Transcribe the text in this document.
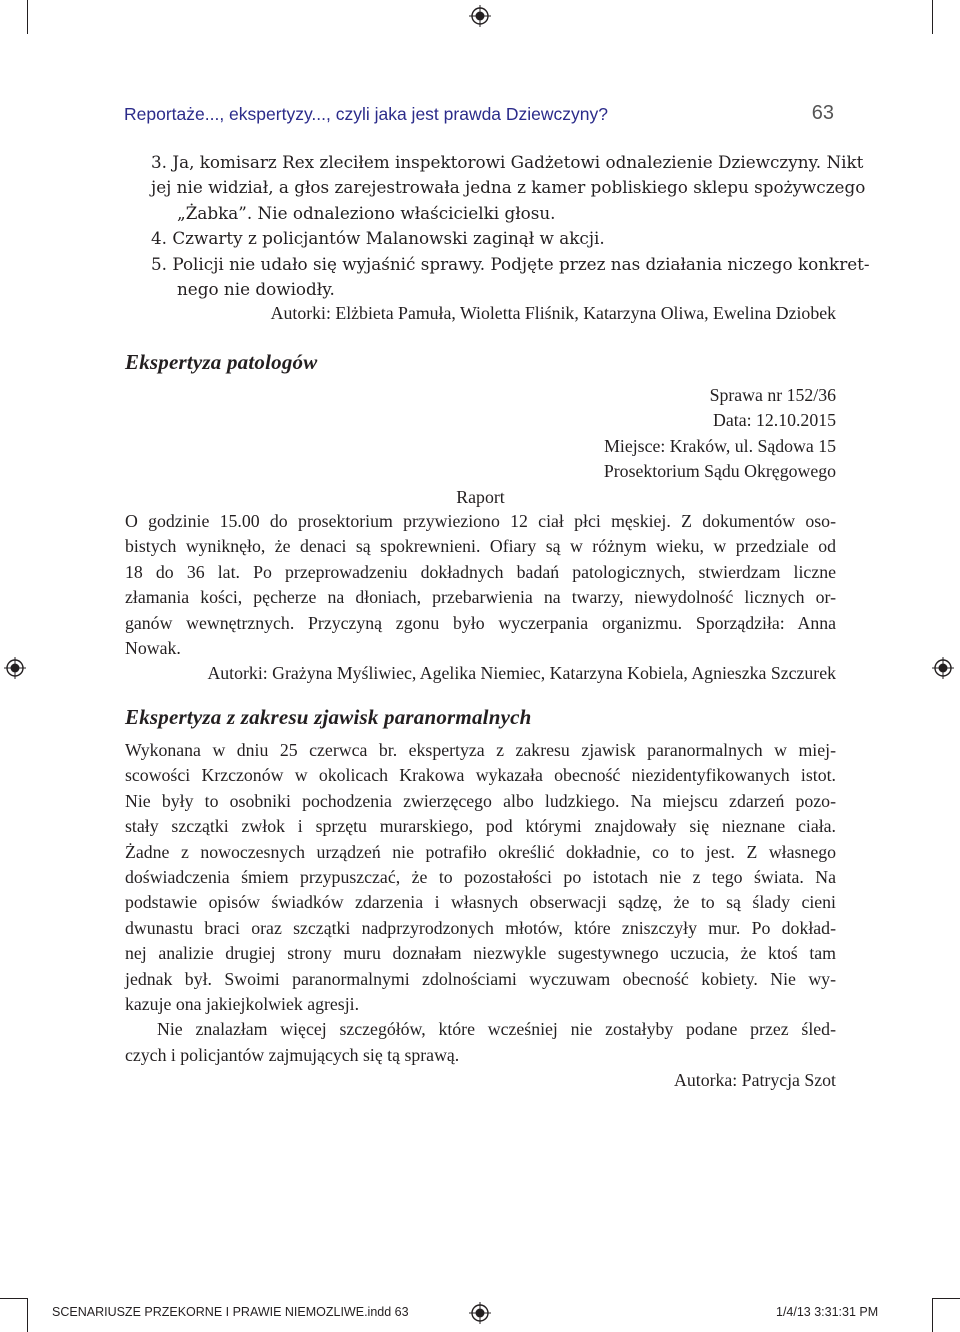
Reportaże..., ekspertyzy..., czyli jaka jest prawda Dziewczyny?	63
3. Ja, komisarz Rex zleciłem inspektorowi Gadżetowi odnalezienie Dziewczyny. Nikt
jej nie widział, a głos zarejestrowała jedna z kamer pobliskiego sklepu spożywczego
„Żabka”. Nie odnaleziono właścicielki głosu.
4. Czwarty z policjantów Malanowski zaginął w akcji.
5. Policji nie udało się wyjaśnić sprawy. Podjęte przez nas działania niczego konkret-
nego nie dowiodły.
Autorki: Elżbieta Pamuła, Wioletta Fliśnik, Katarzyna Oliwa, Ewelina Dziobek
Ekspertyza patologów
Sprawa nr 152/36
Data: 12.10.2015
Miejsce: Kraków, ul. Sądowa 15
Prosektorium Sądu Okręgowego
Raport
O godzinie 15.00 do prosektorium przywieziono 12 ciał płci męskiej. Z dokumentów oso-
bistych wyniknęło, że denaci są spokrewnieni. Ofiary są w różnym wieku, w przedziale od
18 do 36 lat. Po przeprowadzeniu dokładnych badań patologicznych, stwierdzam liczne
złamania kości, pęcherze na dłoniach, przebarwienia na twarzy, niewydolność licznych or-
ganów wewnętrznych. Przyczyną zgonu było wyczerpania organizmu. Sporządziła: Anna
Nowak.
Autorki: Grażyna Myśliwiec, Agelika Niemiec, Katarzyna Kobiela, Agnieszka Szczurek
Ekspertyza z zakresu zjawisk paranormalnych
Wykonana w dniu 25 czerwca br. ekspertyza z zakresu zjawisk paranormalnych w miej-
scowości Krzczonów w okolicach Krakowa wykazała obecność niezidentyfikowanych istot.
Nie były to osobniki pochodzenia zwierzęcego albo ludzkiego. Na miejscu zdarzeń pozo-
stały szczątki zwłok i sprzętu murarskiego, pod którymi znajdowały się nieznane ciała.
Żadne z nowoczesnych urządzeń nie potrafiło określić dokładnie, co to jest. Z własnego
doświadczenia śmiem przypuszczać, że to pozostałości po istotach nie z tego świata. Na
podstawie opisów świadków zdarzenia i własnych obserwacji sądzę, że to są ślady cieni
dwunastu braci oraz szczątki nadprzyrodzonych młotów, które zniszczyły mur. Po dokład-
nej analizie drugiej strony muru doznałam niezwykle sugestywnego uczucia, że ktoś tam
jednak był. Swoimi paranormalnymi zdolnościami wyczuwam obecność kobiety. Nie wy-
kazuje ona jakiejkolwiek agresji.
Nie znalazłam więcej szczegółów, które wcześniej nie zostałyby podane przez śled-
czych i policjantów zajmujących się tą sprawą.
Autorka: Patrycja Szot
SCENARIUSZE PRZEKORNE I PRAWIE NIEMOZLIWE.indd 63	1/4/13 3:31:31 PM
